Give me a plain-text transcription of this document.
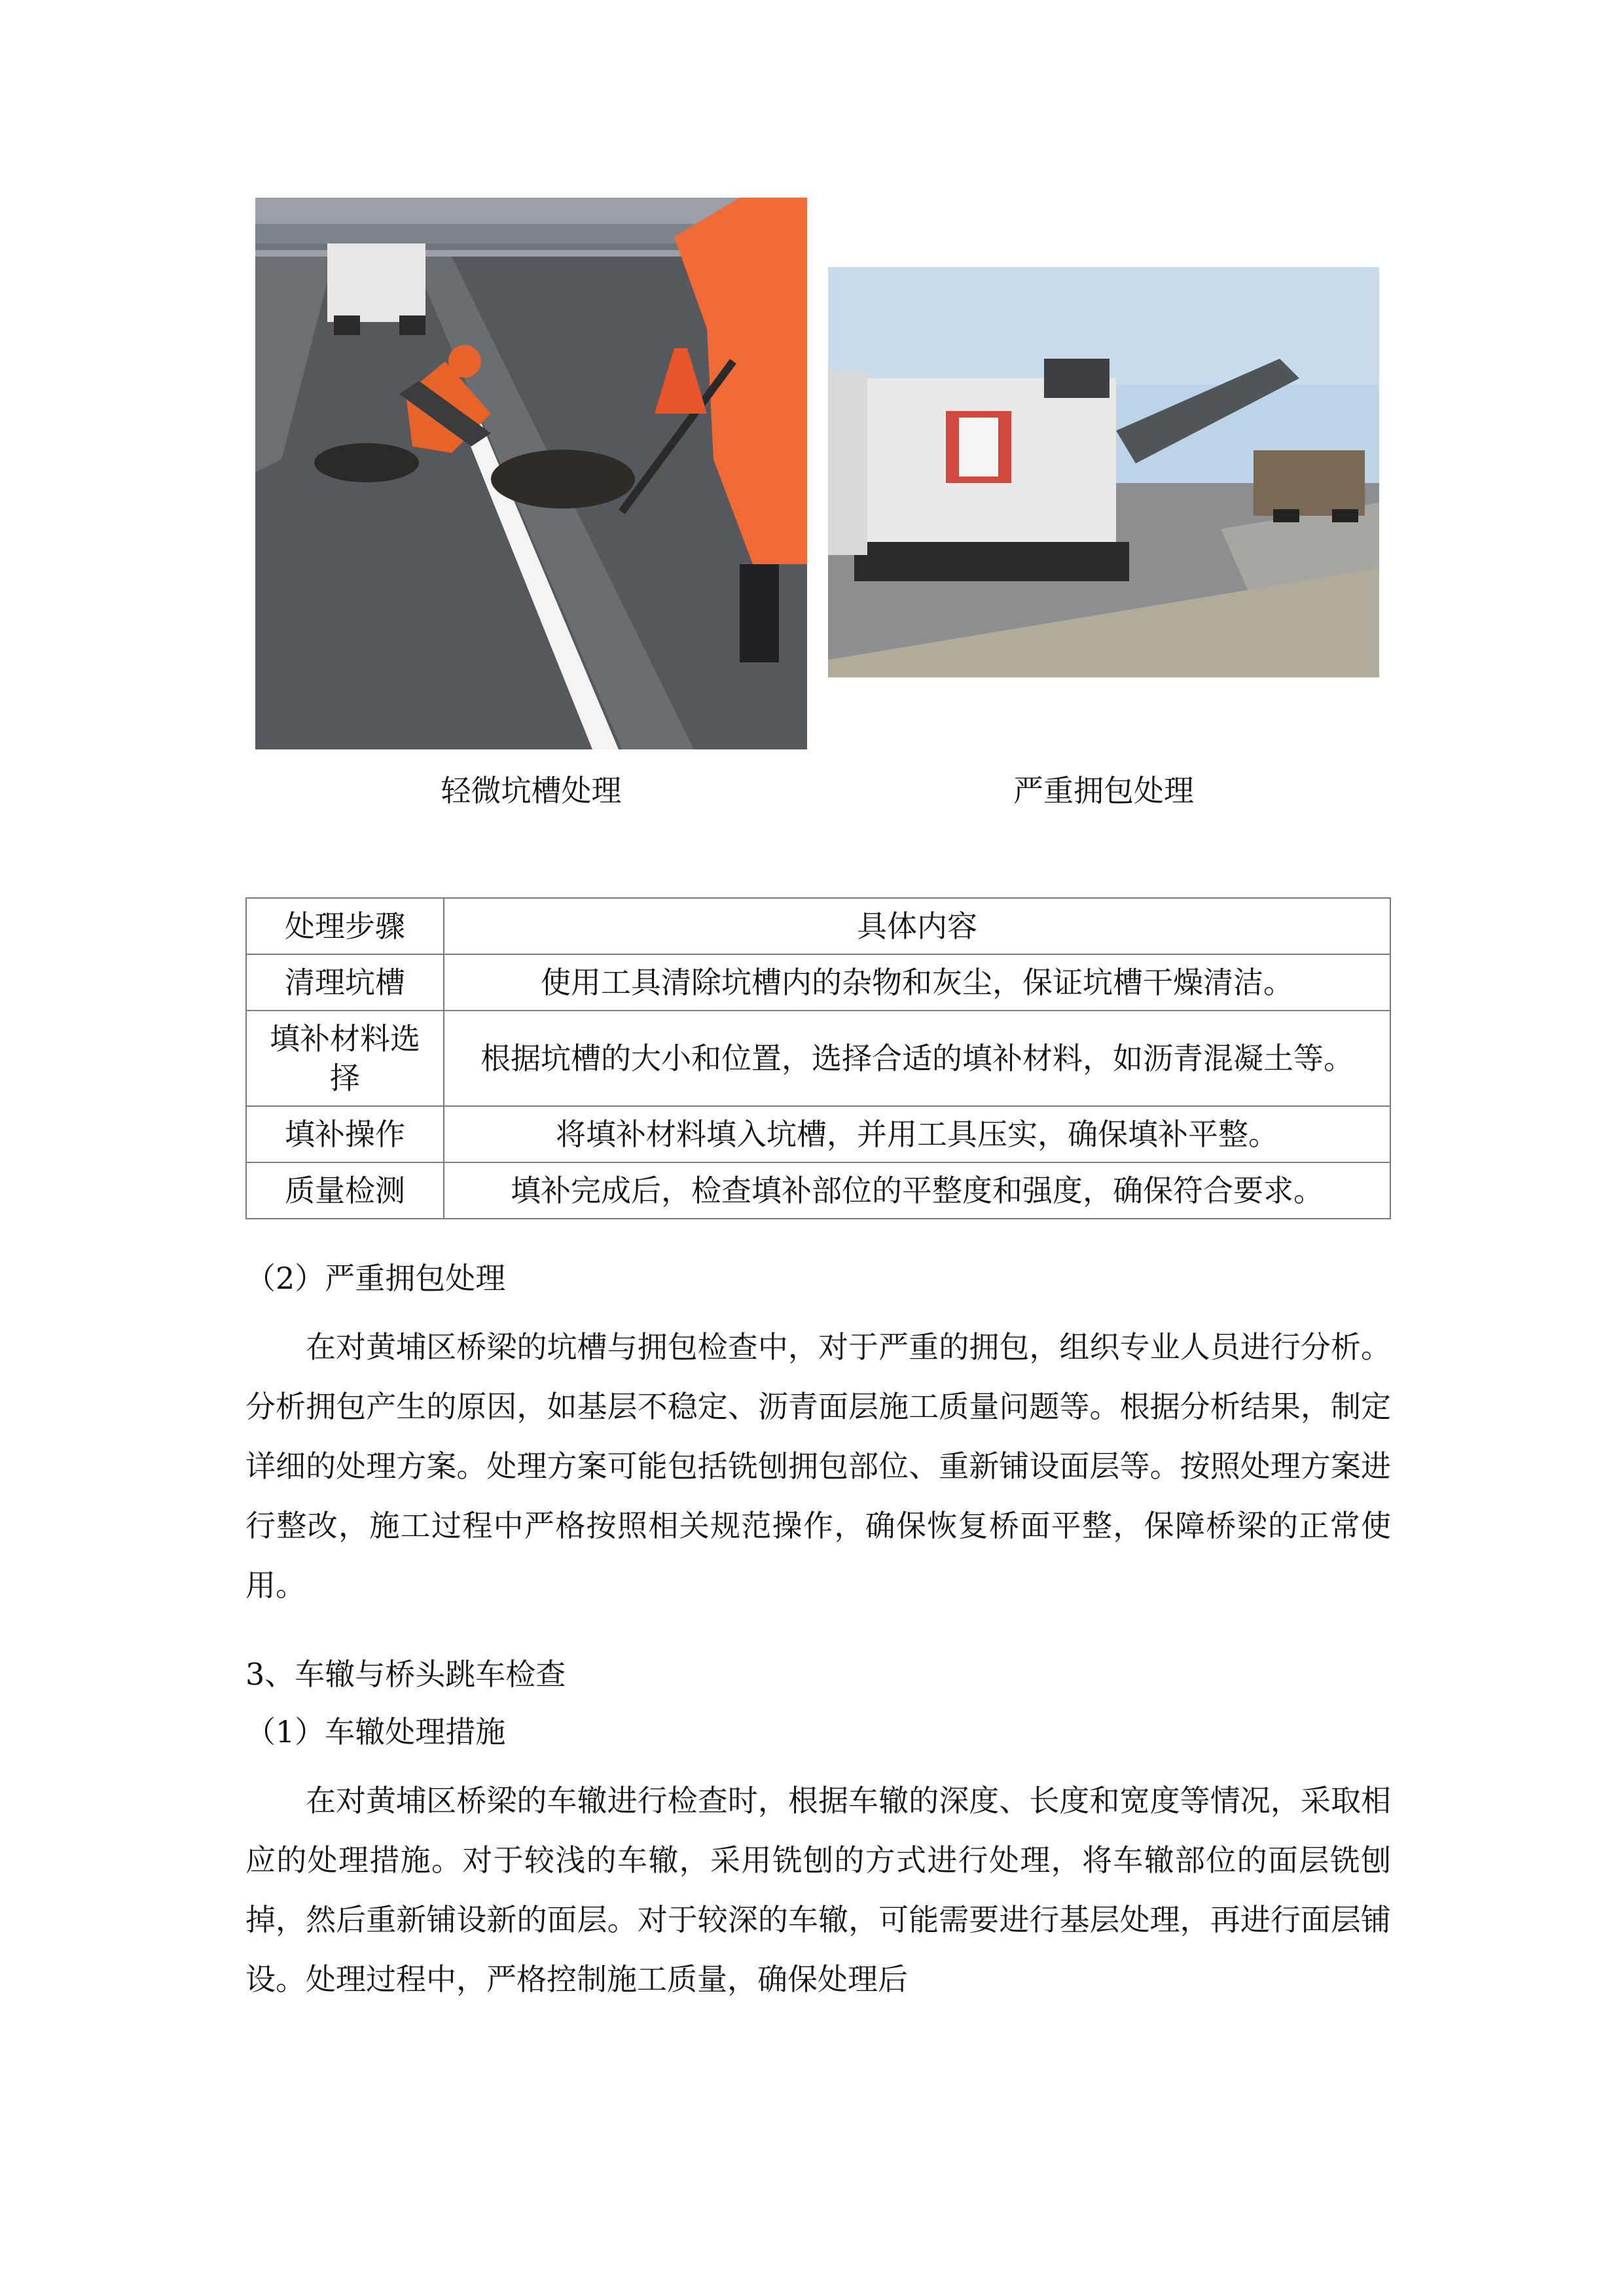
轻微坑槽处理	严重拥包处理
处理步骤	具体内容
清理坑槽	使用工具清除坑槽内的杂物和灰尘，保证坑槽干燥清洁。
填补材料选择	根据坑槽的大小和位置，选择合适的填补材料，如沥青混凝土等。
填补操作	将填补材料填入坑槽，并用工具压实，确保填补平整。
质量检测	填补完成后，检查填补部位的平整度和强度，确保符合要求。
（2）严重拥包处理
在对黄埔区桥梁的坑槽与拥包检查中，对于严重的拥包，组织专业人员进行分析。分析拥包产生的原因，如基层不稳定、沥青面层施工质量问题等。根据分析结果，制定详细的处理方案。处理方案可能包括铣刨拥包部位、重新铺设面层等。按照处理方案进行整改，施工过程中严格按照相关规范操作，确保恢复桥面平整，保障桥梁的正常使用。
3、车辙与桥头跳车检查
（1）车辙处理措施
在对黄埔区桥梁的车辙进行检查时，根据车辙的深度、长度和宽度等情况，采取相应的处理措施。对于较浅的车辙，采用铣刨的方式进行处理，将车辙部位的面层铣刨掉，然后重新铺设新的面层。对于较深的车辙，可能需要进行基层处理，再进行面层铺设。处理过程中，严格控制施工质量，确保处理后
